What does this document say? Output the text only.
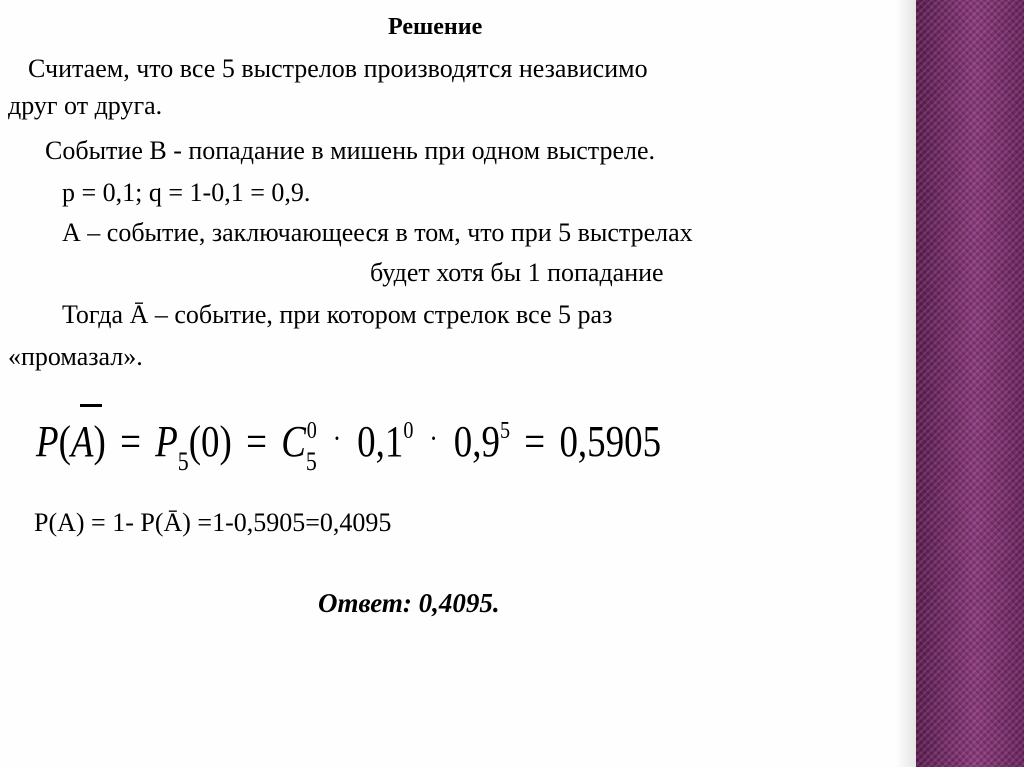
Решение
Считаем, что все 5 выстрелов производятся независимо
друг от друга.
Событие В - попадание в мишень при одном выстреле.
р = 0,1; q = 1-0,1 = 0,9.
А – событие, заключающееся в том, что при 5 выстрелах
будет хотя бы 1 попадание
Тогда Ā – событие, при котором стрелок все 5 раз
«промазал».
P(A) = P5(0) = C50 · 0,10 · 0,95 = 0,5905
Р(А) = 1- Р(Ā) =1-0,5905=0,4095
Ответ: 0,4095.
